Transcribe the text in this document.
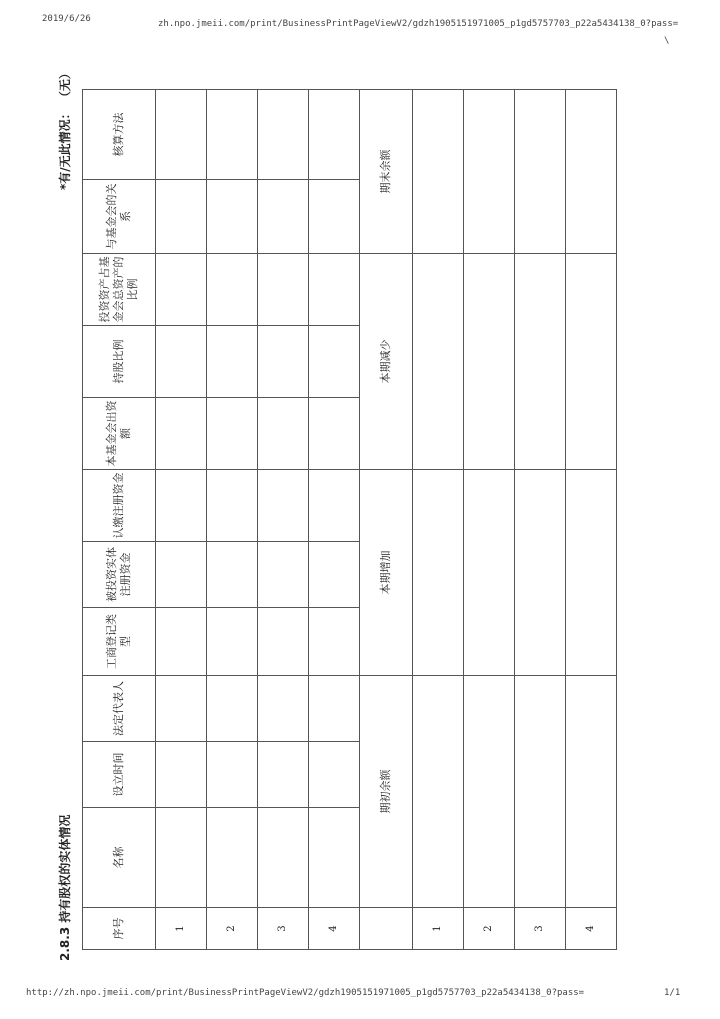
2019/6/26	zh.npo.jmeii.com/print/BusinessPrintPageViewV2/gdzh1905151971005_p1gd5757703_p22a5434138_0?pass=
\
http://zh.npo.jmeii.com/print/BusinessPrintPageViewV2/gdzh1905151971005_p1gd5757703_p22a5434138_0?pass=	1/1
2.8.3 持有股权的实体情况
*有/无此情况： （无）
序号	名称	设立时间	法定代表人	工商登记类型	被投资实体注册资金	认缴注册资金	本基金会出资额	持股比例	投资资产占基金会总资产的比例	与基金会的关系	核算方法
1											
2											
3											
4											
	期初余额			本期增加			本期减少			期末余额	
1											
2											
3											
4											
